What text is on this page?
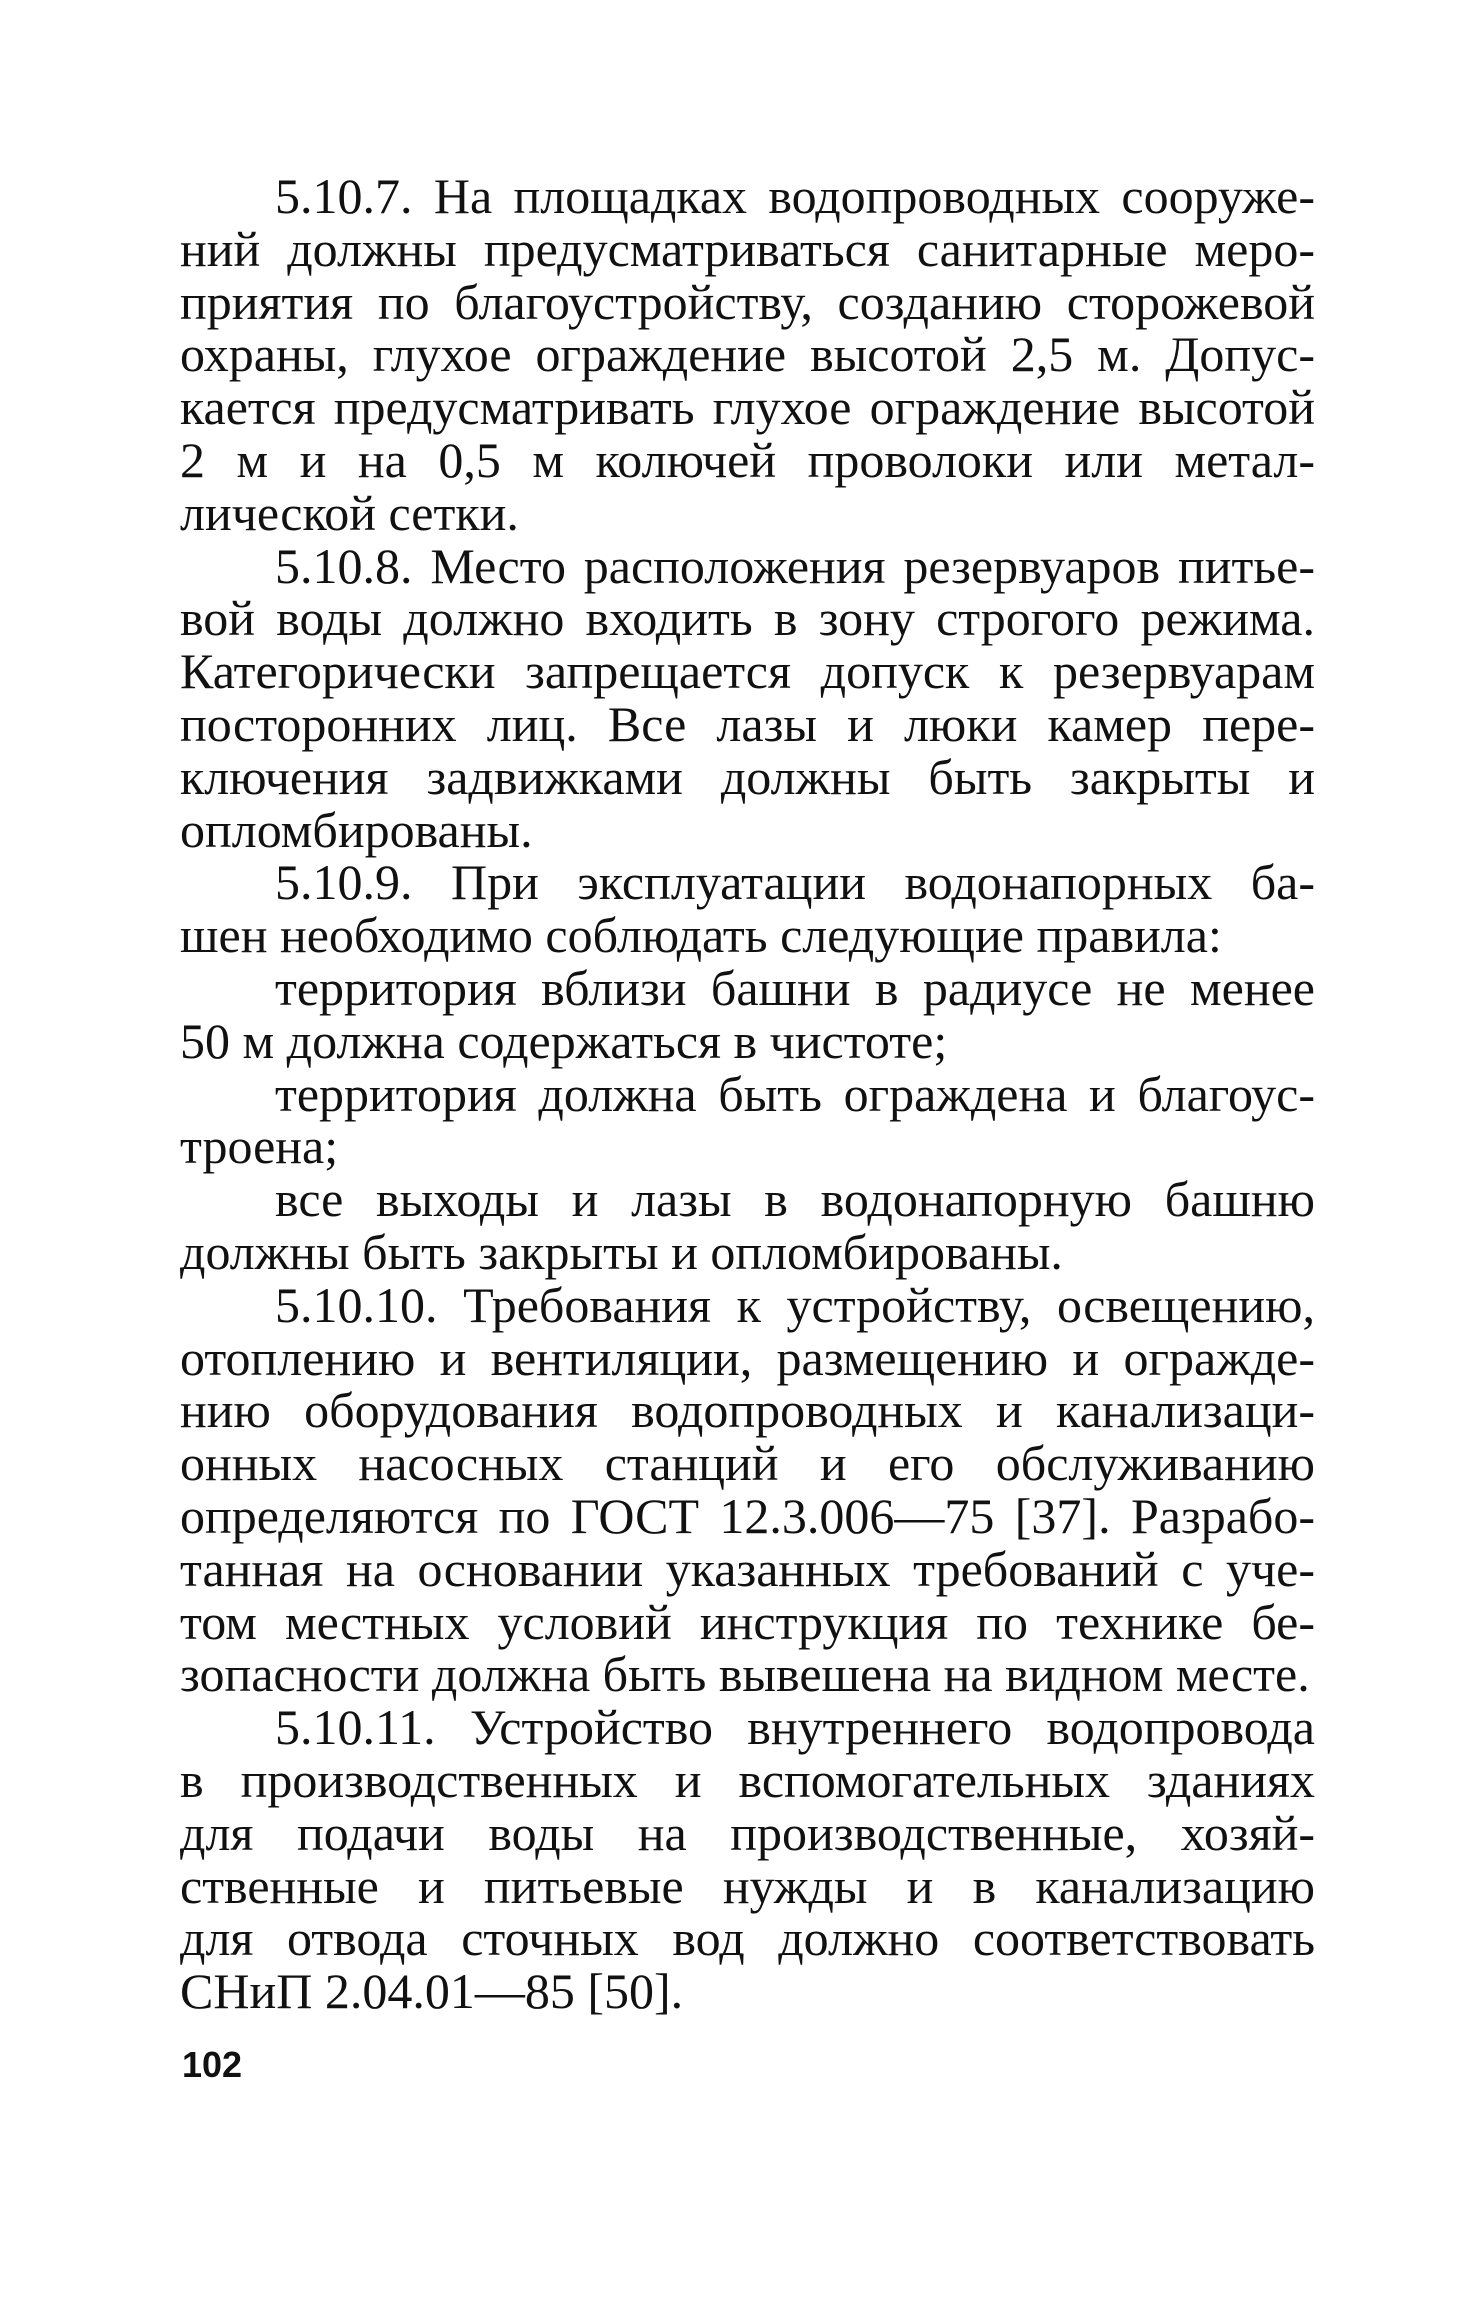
5.10.7. На площадках водопроводных сооруже-
ний должны предусматриваться санитарные меро-
приятия по благоустройству, созданию сторожевой
охраны, глухое ограждение высотой 2,5 м. Допус-
кается предусматривать глухое ограждение высотой
2 м и на 0,5 м колючей проволоки или метал-
лической сетки.
5.10.8. Место расположения резервуаров питье-
вой воды должно входить в зону строгого режима.
Категорически запрещается допуск к резервуарам
посторонних лиц. Все лазы и люки камер пере-
ключения задвижками должны быть закрыты и
опломбированы.
5.10.9. При эксплуатации водонапорных ба-
шен необходимо соблюдать следующие правила:
территория вблизи башни в радиусе не менее
50 м должна содержаться в чистоте;
территория должна быть ограждена и благоус-
троена;
все выходы и лазы в водонапорную башню
должны быть закрыты и опломбированы.
5.10.10. Требования к устройству, освещению,
отоплению и вентиляции, размещению и огражде-
нию оборудования водопроводных и канализаци-
онных насосных станций и его обслуживанию
определяются по ГОСТ 12.3.006—75 [37]. Разрабо-
танная на основании указанных требований с уче-
том местных условий инструкция по технике бе-
зопасности должна быть вывешена на видном месте.
5.10.11. Устройство внутреннего водопровода
в производственных и вспомогательных зданиях
для подачи воды на производственные, хозяй-
ственные и питьевые нужды и в канализацию
для отвода сточных вод должно соответствовать
СНиП 2.04.01—85 [50].
102
